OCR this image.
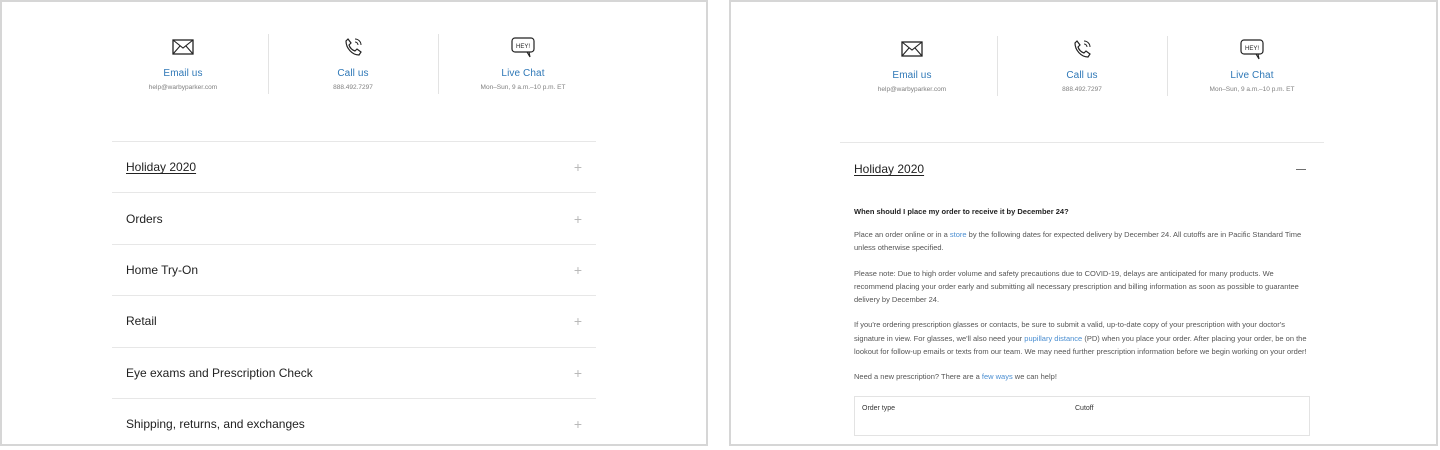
Email us
help@warbyparker.com
Call us
888.492.7297
HEY!
Live Chat
Mon–Sun, 9 a.m.–10 p.m. ET
Holiday 2020	+
Orders	+
Home Try-On	+
Retail	+
Eye exams and Prescription Check	+
Shipping, returns, and exchanges	+
Email us
help@warbyparker.com
Call us
888.492.7297
HEY!
Live Chat
Mon–Sun, 9 a.m.–10 p.m. ET
Holiday 2020
When should I place my order to receive it by December 24?
Place an order online or in a store by the following dates for expected delivery by December 24. All cutoffs are in Pacific Standard Time unless otherwise specified.
Please note: Due to high order volume and safety precautions due to COVID-19, delays are anticipated for many products. We recommend placing your order early and submitting all necessary prescription and billing information as soon as possible to guarantee delivery by December 24.
If you're ordering prescription glasses or contacts, be sure to submit a valid, up-to-date copy of your prescription with your doctor's signature in view. For glasses, we'll also need your pupillary distance (PD) when you place your order. After placing your order, be on the lookout for follow-up emails or texts from our team. We may need further prescription information before we begin working on your order!
Need a new prescription? There are a few ways we can help!
Order type	Cutoff
